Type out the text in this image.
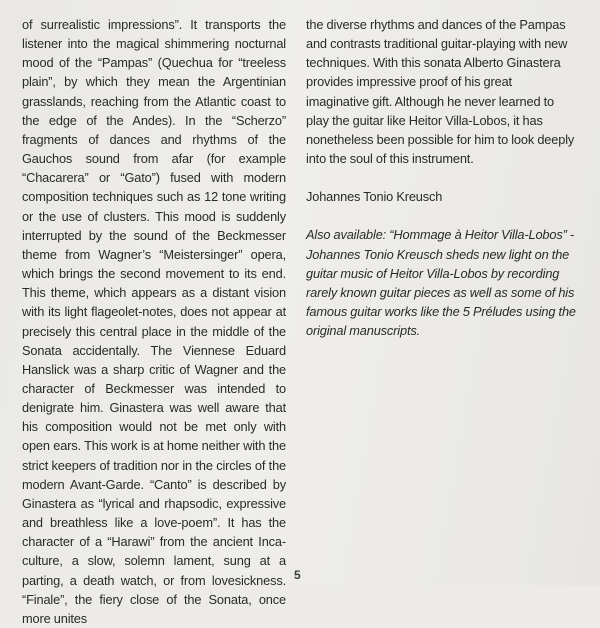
of surrealistic impressions”. It transports the listener into the magical shimmering nocturnal mood of the “Pampas” (Quechua for “treeless plain”, by which they mean the Argentinian grasslands, reaching from the Atlantic coast to the edge of the Andes). In the “Scherzo” fragments of dances and rhythms of the Gauchos sound from afar (for example “Chacarera” or “Gato”) fused with modern composition techniques such as 12 tone writing or the use of clusters. This mood is suddenly interrupted by the sound of the Beckmesser theme from Wagner’s “Meistersinger” opera, which brings the second movement to its end. This theme, which appears as a distant vision with its light flageolet-notes, does not appear at precisely this central place in the middle of the Sonata accidentally. The Viennese Eduard Hanslick was a sharp critic of Wagner and the character of Beckmesser was intended to denigrate him. Ginastera was well aware that his composition would not be met only with open ears. This work is at home neither with the strict keepers of tradition nor in the circles of the modern Avant-Garde. “Canto” is described by Ginastera as “lyrical and rhapsodic, expressive and breathless like a love-poem”. It has the character of a “Harawi” from the ancient Inca-culture, a slow, solemn lament, sung at a parting, a death watch, or from lovesickness. “Finale”, the fiery close of the Sonata, once more unites

the diverse rhythms and dances of the Pampas and contrasts traditional guitar-playing with new techniques. With this sonata Alberto Ginastera provides impressive proof of his great imaginative gift. Although he never learned to play the guitar like Heitor Villa-Lobos, it has nonetheless been possible for him to look deeply into the soul of this instrument.

Johannes Tonio Kreusch

Also available: “Hommage à Heitor Villa-Lobos” - Johannes Tonio Kreusch sheds new light on the guitar music of Heitor Villa-Lobos by recording rarely known guitar pieces as well as some of his famous guitar works like the 5 Préludes using the original manuscripts.

5
